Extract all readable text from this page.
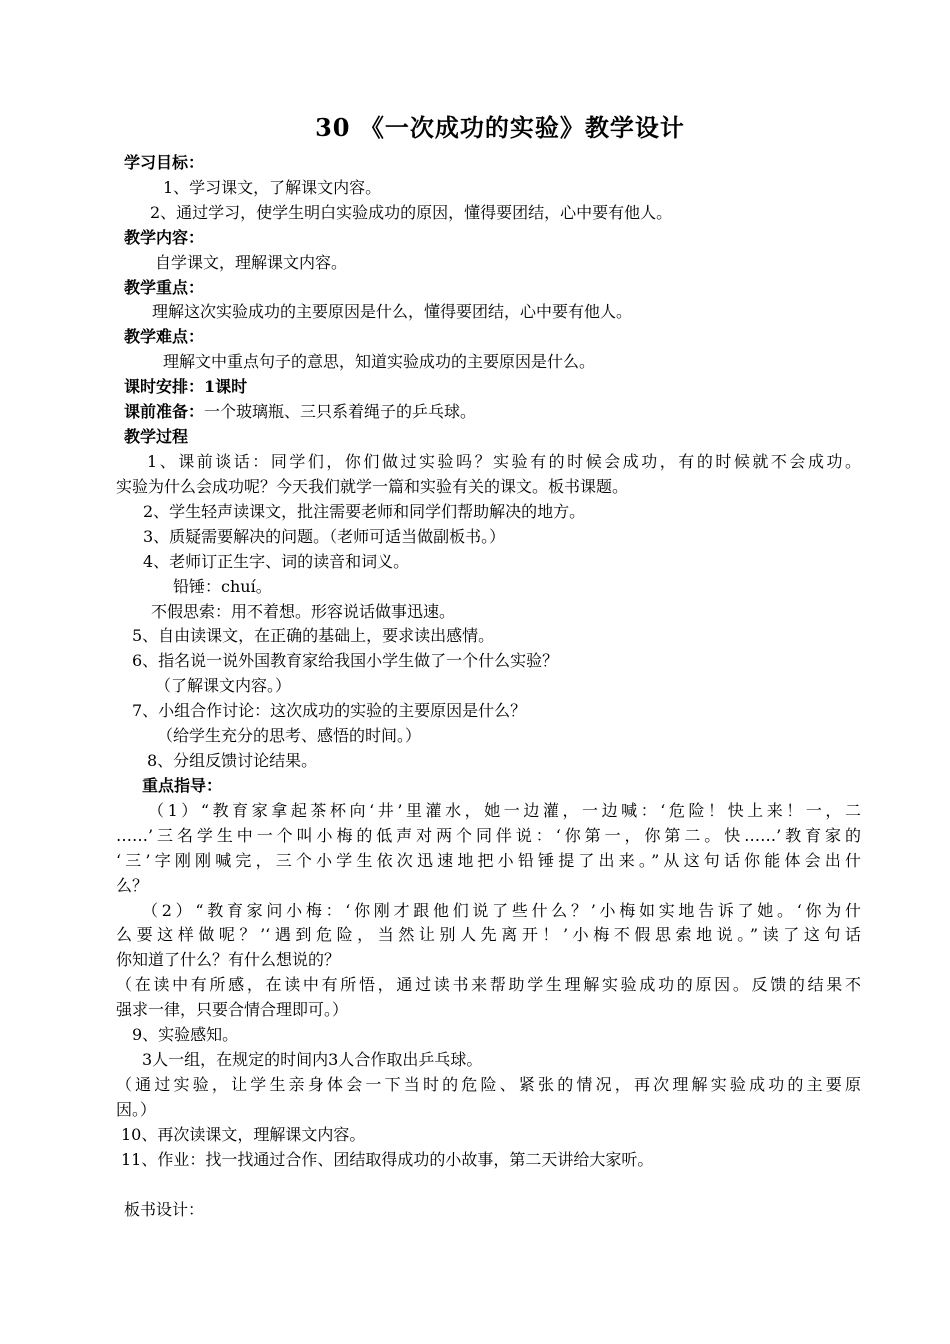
30 《一次成功的实验》教学设计
学习目标：
1、学习课文，了解课文内容。
2、通过学习，使学生明白实验成功的原因，懂得要团结，心中要有他人。
教学内容：
自学课文，理解课文内容。
教学重点：
理解这次实验成功的主要原因是什么，懂得要团结，心中要有他人。
教学难点：
理解文中重点句子的意思，知道实验成功的主要原因是什么。
课时安排：1课时
课前准备：一个玻璃瓶、三只系着绳子的乒乓球。
教学过程
1、课前谈话：同学们，你们做过实验吗？实验有的时候会成功，有的时候就不会成功。
实验为什么会成功呢？今天我们就学一篇和实验有关的课文。板书课题。
2、学生轻声读课文，批注需要老师和同学们帮助解决的地方。
3、质疑需要解决的问题。（老师可适当做副板书。）
4、老师订正生字、词的读音和词义。
铅锤：chuí。
不假思索：用不着想。形容说话做事迅速。
5、自由读课文，在正确的基础上，要求读出感情。
6、指名说一说外国教育家给我国小学生做了一个什么实验？
（了解课文内容。）
7、小组合作讨论：这次成功的实验的主要原因是什么？
（给学生充分的思考、感悟的时间。）
8、分组反馈讨论结果。
重点指导：
（1）“教育家拿起茶杯向‘井’里灌水，她一边灌，一边喊：‘危险！快上来！一，二
……’三名学生中一个叫小梅的低声对两个同伴说：‘你第一，你第二。快……’教育家的
‘三’字刚刚喊完，三个小学生依次迅速地把小铅锤提了出来。”从这句话你能体会出什
么？
（2）“教育家问小梅：‘你刚才跟他们说了些什么？’小梅如实地告诉了她。‘你为什
么要这样做呢？’‘遇到危险，当然让别人先离开！’小梅不假思索地说。”读了这句话
你知道了什么？有什么想说的？
（在读中有所感，在读中有所悟，通过读书来帮助学生理解实验成功的原因。反馈的结果不
强求一律，只要合情合理即可。）
9、实验感知。
3人一组，在规定的时间内3人合作取出乒乓球。
（通过实验，让学生亲身体会一下当时的危险、紧张的情况，再次理解实验成功的主要原
因。）
10、再次读课文，理解课文内容。
11、作业：找一找通过合作、团结取得成功的小故事，第二天讲给大家听。
板书设计：
